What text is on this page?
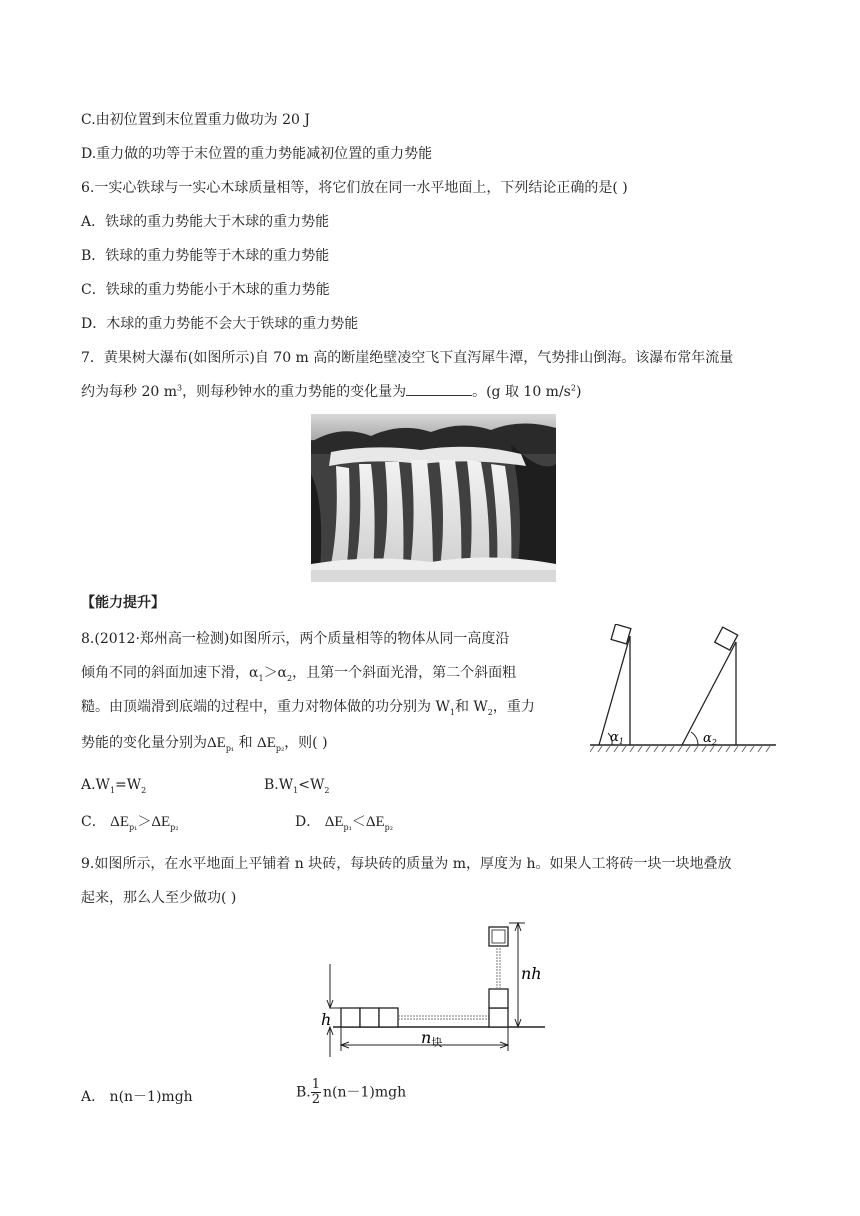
C.由初位置到末位置重力做功为 20 J
D.重力做的功等于末位置的重力势能减初位置的重力势能
6.一实心铁球与一实心木球质量相等，将它们放在同一水平地面上，下列结论正确的是( )
A．铁球的重力势能大于木球的重力势能
B．铁球的重力势能等于木球的重力势能
C．铁球的重力势能小于木球的重力势能
D．木球的重力势能不会大于铁球的重力势能
7．黄果树大瀑布(如图所示)自 70 m 高的断崖绝壁凌空飞下直泻犀牛潭，气势排山倒海。该瀑布常年流量
约为每秒 20 $m^3$，则每秒钟水的重力势能的变化量为	。(g 取 10 $m/s^2$)
【能力提升】
8.(2012·郑州高一检测)如图所示，两个质量相等的物体从同一高度沿
倾角不同的斜面加速下滑，$\alpha_1>\alpha_2$，且第一个斜面光滑，第二个斜面粗
糙。由顶端滑到底端的过程中，重力对物体做的功分别为 $W_1$和 $W_2$，重力
势能的变化量分别为$\Delta E_{p_1}$ 和 $\Delta E_{p_2}$，则( )	$\alpha_1$	$\alpha_2$
$A.W_1=W_2$	$B.W_1<W_2$
C． $\Delta E_{p_1}>\Delta E_{p_2}$	D． $\Delta E_{p_1}<\Delta E_{p_2}$
9.如图所示，在水平地面上平铺着 n 块砖，每块砖的质量为 m，厚度为 h。如果人工将砖一块一块地叠放
起来，那么人至少做功( )
nh
h
n块
A． n(n－1)mgh	B. $\frac{1}{2} n(n-1)mgh$
